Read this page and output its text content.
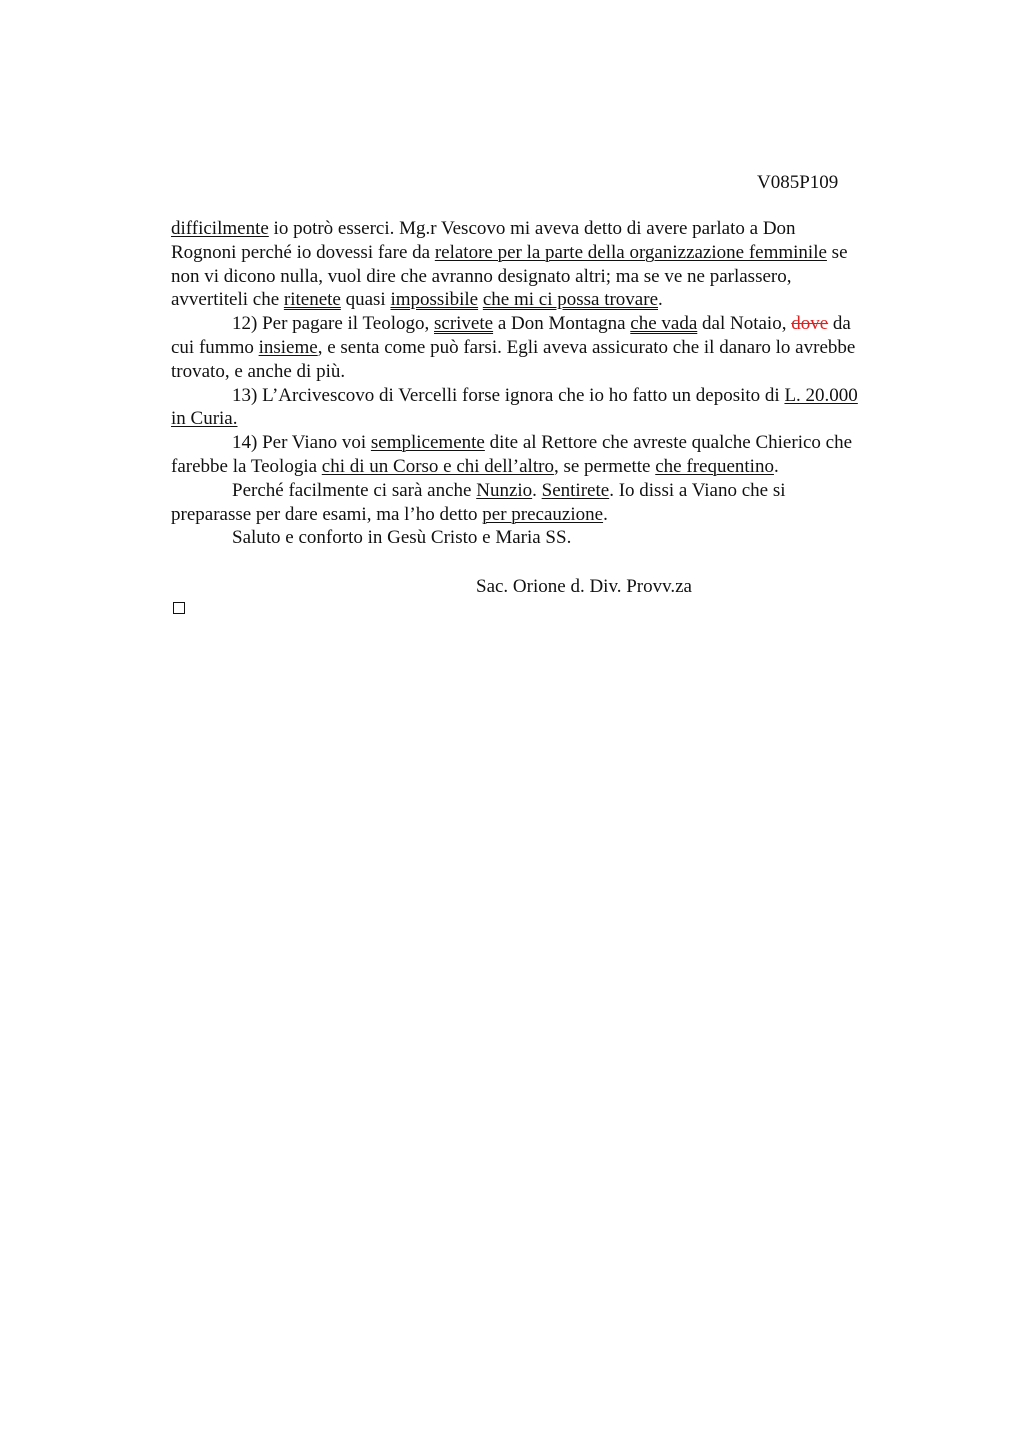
V085P109
difficilmente io potrò esserci. Mg.r Vescovo mi aveva detto di avere parlato a Don
Rognoni perché io dovessi fare da relatore per la parte della organizzazione femminile se
non vi dicono nulla, vuol dire che avranno designato altri; ma se ve ne parlassero,
avvertiteli che ritenete quasi impossibile che mi ci possa trovare.
12) Per pagare il Teologo, scrivete a Don Montagna che vada dal Notaio, dove da
cui fummo insieme, e senta come può farsi. Egli aveva assicurato che il danaro lo avrebbe
trovato, e anche di più.
13) L’Arcivescovo di Vercelli forse ignora che io ho fatto un deposito di L. 20.000
in Curia.
14) Per Viano voi semplicemente dite al Rettore che avreste qualche Chierico che
farebbe la Teologia chi di un Corso e chi dell’altro, se permette che frequentino.
Perché facilmente ci sarà anche Nunzio. Sentirete. Io dissi a Viano che si
preparasse per dare esami, ma l’ho detto per precauzione.
Saluto e conforto in Gesù Cristo e Maria SS.
Sac. Orione d. Div. Provv.za
